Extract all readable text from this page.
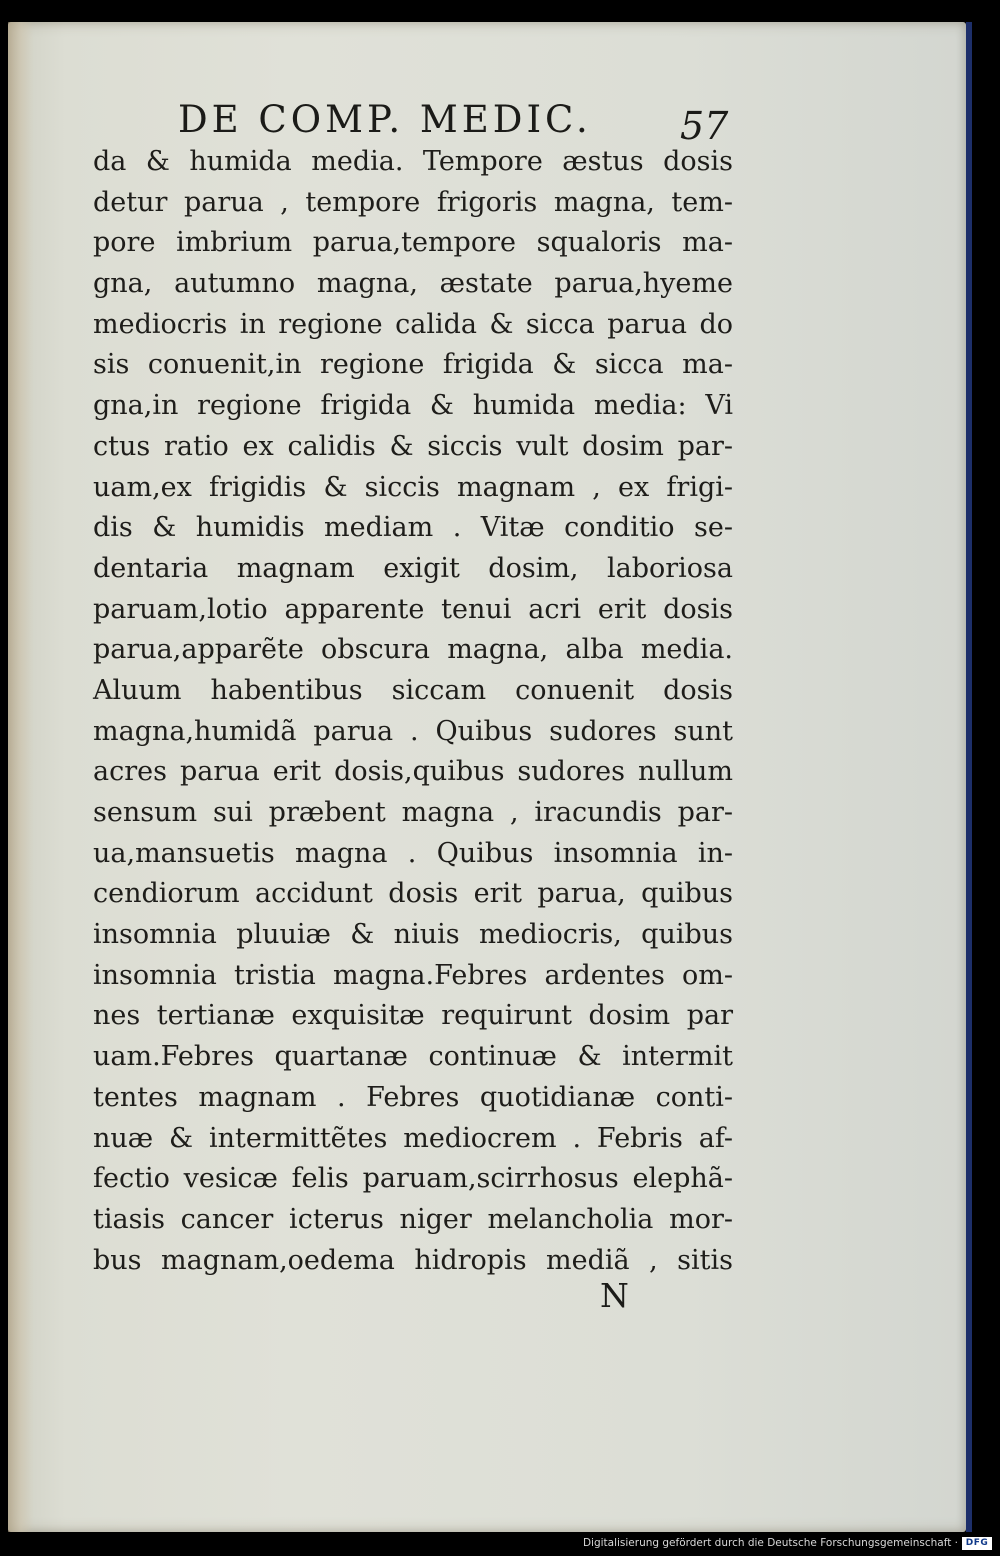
DE COMP. MEDIC. 57
da & humida media. Tempore æstus dosis
detur parua , tempore frigoris magna, tem-
pore imbrium parua,tempore squaloris ma-
gna, autumno magna, æstate parua,hyeme
mediocris in regione calida & sicca parua do
sis conuenit,in regione frigida & sicca ma-
gna,in regione frigida & humida media: Vi
ctus ratio ex calidis & siccis vult dosim par-
uam,ex frigidis & siccis magnam , ex frigi-
dis & humidis mediam . Vitæ conditio se-
dentaria magnam exigit dosim, laboriosa
paruam,lotio apparente tenui acri erit dosis
parua,apparẽte obscura magna, alba media.
Aluum habentibus siccam conuenit dosis
magna,humidã parua . Quibus sudores sunt
acres parua erit dosis,quibus sudores nullum
sensum sui præbent magna , iracundis par-
ua,mansuetis magna . Quibus insomnia in-
cendiorum accidunt dosis erit parua, quibus
insomnia pluuiæ & niuis mediocris, quibus
insomnia tristia magna.Febres ardentes om-
nes tertianæ exquisitæ requirunt dosim par
uam.Febres quartanæ continuæ & intermit
tentes magnam . Febres quotidianæ conti-
nuæ & intermittẽtes mediocrem . Febris af-
fectio vesicæ felis paruam,scirrhosus elephã-
tiasis cancer icterus niger melancholia mor-
bus magnam,oedema hidropis mediã , sitis
N
Digitalisierung gefördert durch die Deutsche Forschungsgemeinschaft · DFG
